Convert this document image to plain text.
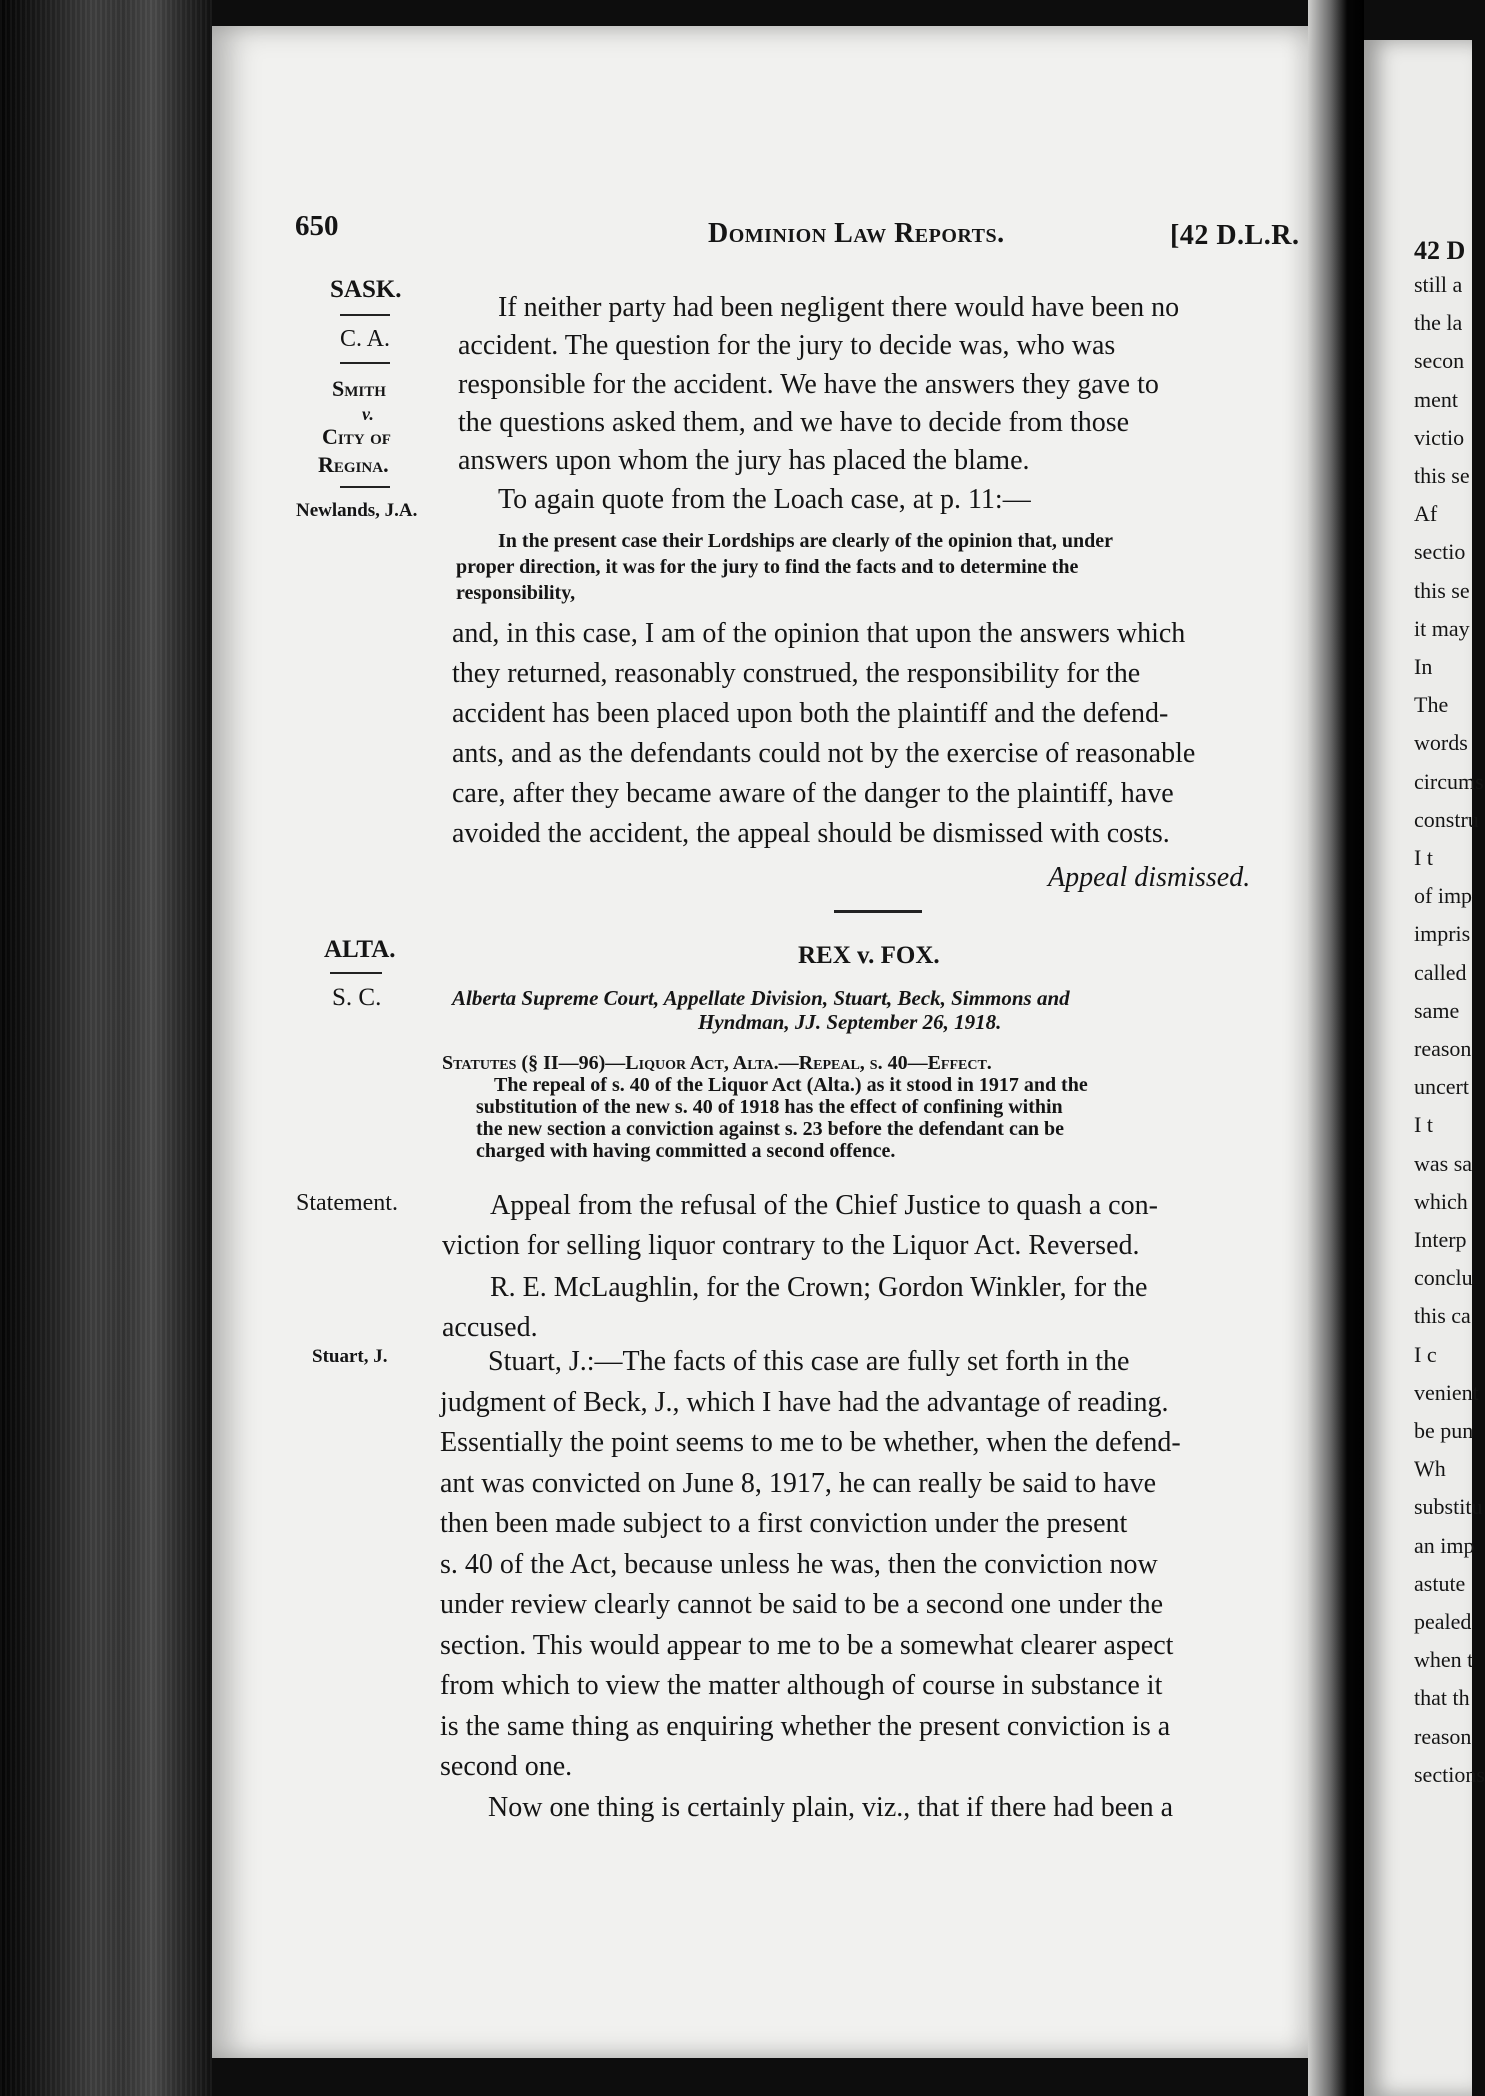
42 D
still a
the la
secon
ment
victio
this se
Af
sectio
this se
it may
In
The
words
circums
constru
I t
of imp
impris
called
same
reason
uncert
I t
was sa
which
Interp
conclu
this ca
I c
venient
be pun
Wh
substitu
an imp
astute
pealed
when t
that th
reason
sections
650	Dominion Law Reports.	[42 D.L.R.
SASK.
C. A.
Smith
v.
City of
Regina.
Newlands, J.A.
If neither party had been negligent there would have been no
accident. The question for the jury to decide was, who was
responsible for the accident. We have the answers they gave to
the questions asked them, and we have to decide from those
answers upon whom the jury has placed the blame.
To again quote from the Loach case, at p. 11:—
In the present case their Lordships are clearly of the opinion that, under
proper direction, it was for the jury to find the facts and to determine the
responsibility,
and, in this case, I am of the opinion that upon the answers which
they returned, reasonably construed, the responsibility for the
accident has been placed upon both the plaintiff and the defend-
ants, and as the defendants could not by the exercise of reasonable
care, after they became aware of the danger to the plaintiff, have
avoided the accident, the appeal should be dismissed with costs.
Appeal dismissed.
ALTA.
S. C.
REX v. FOX.
Alberta Supreme Court, Appellate Division, Stuart, Beck, Simmons and
Hyndman, JJ. September 26, 1918.
Statutes (§ II—96)—Liquor Act, Alta.—Repeal, s. 40—Effect.
The repeal of s. 40 of the Liquor Act (Alta.) as it stood in 1917 and the
substitution of the new s. 40 of 1918 has the effect of confining within
the new section a conviction against s. 23 before the defendant can be
charged with having committed a second offence.
Statement.
Stuart, J.
Appeal from the refusal of the Chief Justice to quash a con-
viction for selling liquor contrary to the Liquor Act. Reversed.
R. E. McLaughlin, for the Crown; Gordon Winkler, for the
accused.
Stuart, J.:—The facts of this case are fully set forth in the
judgment of Beck, J., which I have had the advantage of reading.
Essentially the point seems to me to be whether, when the defend-
ant was convicted on June 8, 1917, he can really be said to have
then been made subject to a first conviction under the present
s. 40 of the Act, because unless he was, then the conviction now
under review clearly cannot be said to be a second one under the
section. This would appear to me to be a somewhat clearer aspect
from which to view the matter although of course in substance it
is the same thing as enquiring whether the present conviction is a
second one.
Now one thing is certainly plain, viz., that if there had been a
